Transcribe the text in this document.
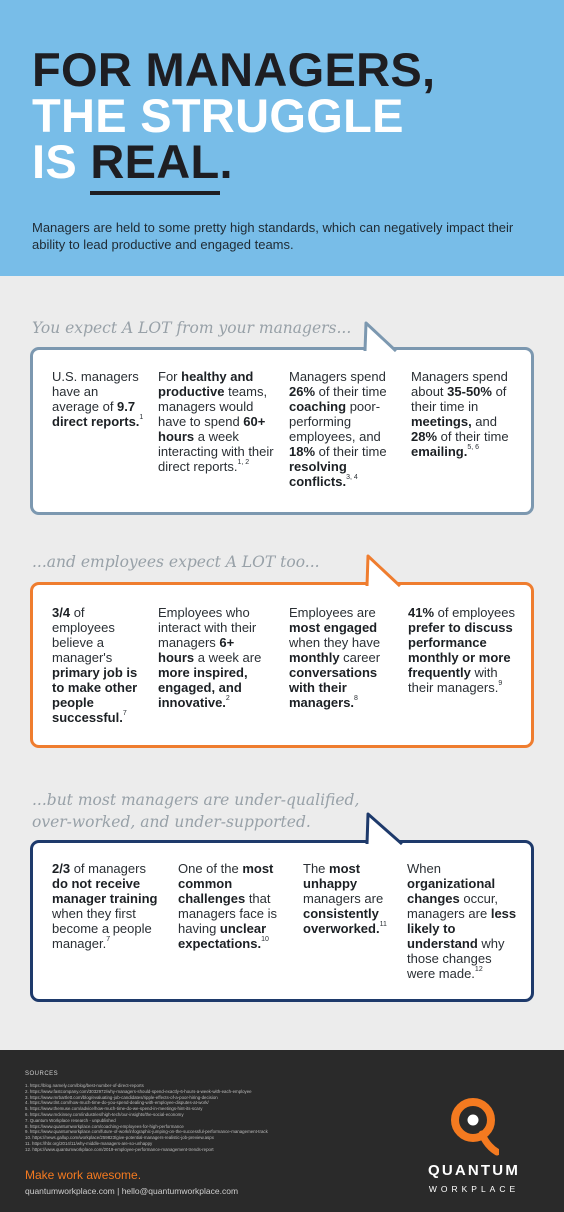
FOR MANAGERS,
THE STRUGGLE
IS REAL.

Managers are held to some pretty high standards, which can negatively impact their ability to lead productive and engaged teams.

You expect A LOT from your managers...
U.S. managers have an average of 9.7 direct reports.$^1$
For healthy and productive teams, managers would have to spend 60+ hours a week interacting with their direct reports.$^{1, 2}$
Managers spend 26% of their time coaching poor-performing employees, and 18% of their time resolving conflicts.$^{3, 4}$
Managers spend about 35-50% of their time in meetings, and 28% of their time emailing.$^{5, 6}$
...and employees expect A LOT too...
3/4 of employees believe a manager's primary job is to make other people successful.$^7$
Employees who interact with their managers 6+ hours a week are more inspired, engaged, and innovative.$^2$
Employees are most engaged when they have monthly career conversations with their managers.$^8$
41% of employees prefer to discuss performance monthly or more frequently with their managers.$^9$
...but most managers are under-qualified, over-worked, and under-supported.
2/3 of managers do not receive manager training when they first become a people manager.$^7$
One of the most common challenges that managers face is having unclear expectations.$^{10}$
The most unhappy managers are consistently overworked.$^{11}$
When organizational changes occur, managers are less likely to understand why those changes were made.$^{12}$
SOURCES
1. https://blog.namely.com/blog/best-number-of-direct-reports
2. https://www.fastcompany.com/3032972/why-managers-should-spend-exactly-6-hours-a-week-with-each-employee
3. https://www.mrbartlett.com/blog/evaluating-job-candidates/ripple-effects-of-a-poor-hiring-decision
4. https://www.tlnt.com/how-much-time-do-you-spend-dealing-with-employee-disputes-at-work/
5. https://www.themuse.com/advice/how-much-time-do-we-spend-in-meetings-hint-its-scary
6. https://www.mckinsey.com/industries/high-tech/our-insights/the-social-economy
7. Quantum Workplace research - unpublished
8. https://www.quantumworkplace.com/coaching-employees-for-high-performance
9. https://www.quantumworkplace.com/future-of-work/infographic-jumping-on-the-successful-performance-management-track
10. https://news.gallup.com/workplace/259823/give-potential-managers-realistic-job-preview.aspx
11. https://hbr.org/2014/11/why-middle-managers-are-so-unhappy
12. https://www.quantumworkplace.com/2019-employee-performance-management-trends-report
Make work awesome.
quantumworkplace.com | hello@quantumworkplace.com
QUANTUM
WORKPLACE
